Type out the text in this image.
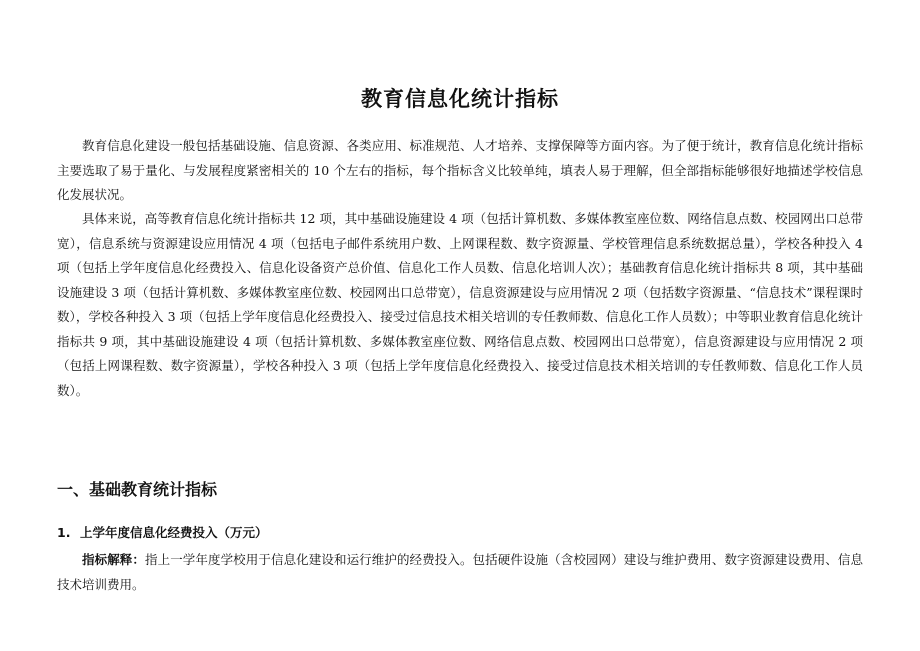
教育信息化统计指标

教育信息化建设一般包括基础设施、信息资源、各类应用、标准规范、人才培养、支撑保障等方面内容。为了便于统计，教育信息化统计指标主要选取了易于量化、与发展程度紧密相关的 10 个左右的指标，每个指标含义比较单纯，填表人易于理解，但全部指标能够很好地描述学校信息化发展状况。

具体来说，高等教育信息化统计指标共 12 项，其中基础设施建设 4 项（包括计算机数、多媒体教室座位数、网络信息点数、校园网出口总带宽），信息系统与资源建设应用情况 4 项（包括电子邮件系统用户数、上网课程数、数字资源量、学校管理信息系统数据总量），学校各种投入 4 项（包括上学年度信息化经费投入、信息化设备资产总价值、信息化工作人员数、信息化培训人次）；基础教育信息化统计指标共 8 项，其中基础设施建设 3 项（包括计算机数、多媒体教室座位数、校园网出口总带宽），信息资源建设与应用情况 2 项（包括数字资源量、“信息技术”课程课时数），学校各种投入 3 项（包括上学年度信息化经费投入、接受过信息技术相关培训的专任教师数、信息化工作人员数）；中等职业教育信息化统计指标共 9 项，其中基础设施建设 4 项（包括计算机数、多媒体教室座位数、网络信息点数、校园网出口总带宽），信息资源建设与应用情况 2 项（包括上网课程数、数字资源量），学校各种投入 3 项（包括上学年度信息化经费投入、接受过信息技术相关培训的专任教师数、信息化工作人员数）。

一、基础教育统计指标
1. 上学年度信息化经费投入（万元）

指标解释：指上一学年度学校用于信息化建设和运行维护的经费投入。包括硬件设施（含校园网）建设与维护费用、数字资源建设费用、信息技术培训费用。
